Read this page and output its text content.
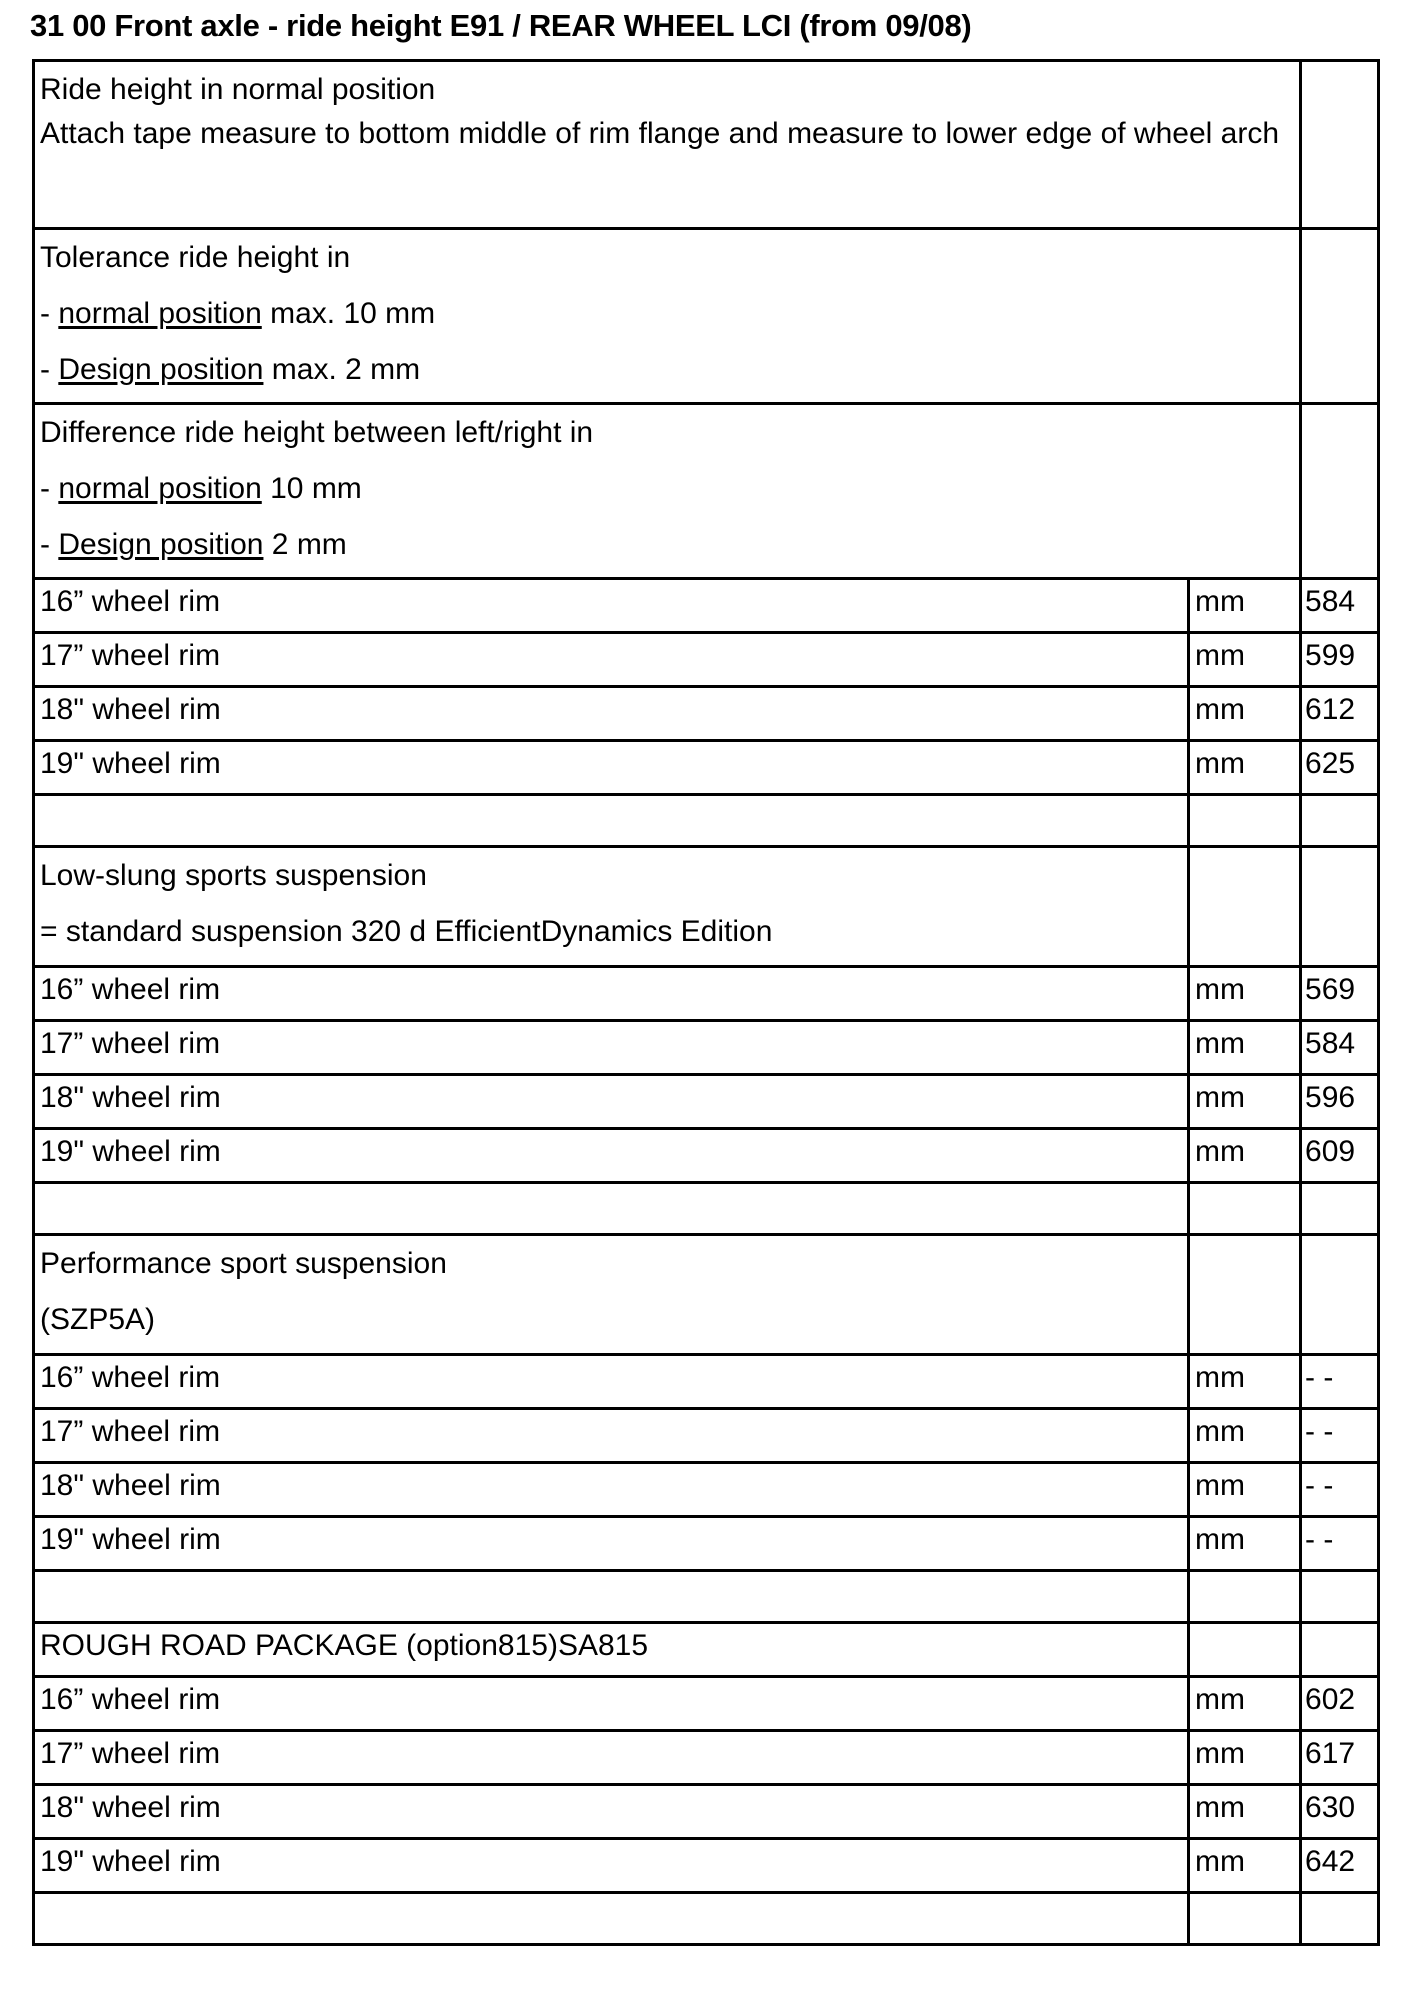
31 00 Front axle - ride height E91 / REAR WHEEL LCI (from 09/08)
Ride height in normal position
Attach tape measure to bottom middle of rim flange and measure to lower edge of wheel arch		

Tolerance ride height in
- normal position max. 10 mm
- Design position max. 2 mm		

Difference ride height between left/right in
- normal position 10 mm
- Design position 2 mm		

16” wheel rim	mm	584
17” wheel rim	mm	599
18" wheel rim	mm	612
19" wheel rim	mm	625

Low-slung sports suspension
= standard suspension 320 d EfficientDynamics Edition		

16” wheel rim	mm	569
17” wheel rim	mm	584
18" wheel rim	mm	596
19" wheel rim	mm	609

Performance sport suspension
(SZP5A)		

16” wheel rim	mm	- -
17” wheel rim	mm	- -
18" wheel rim	mm	- -
19" wheel rim	mm	- -

ROUGH ROAD PACKAGE (option815)SA815		
16” wheel rim	mm	602
17” wheel rim	mm	617
18" wheel rim	mm	630
19" wheel rim	mm	642
